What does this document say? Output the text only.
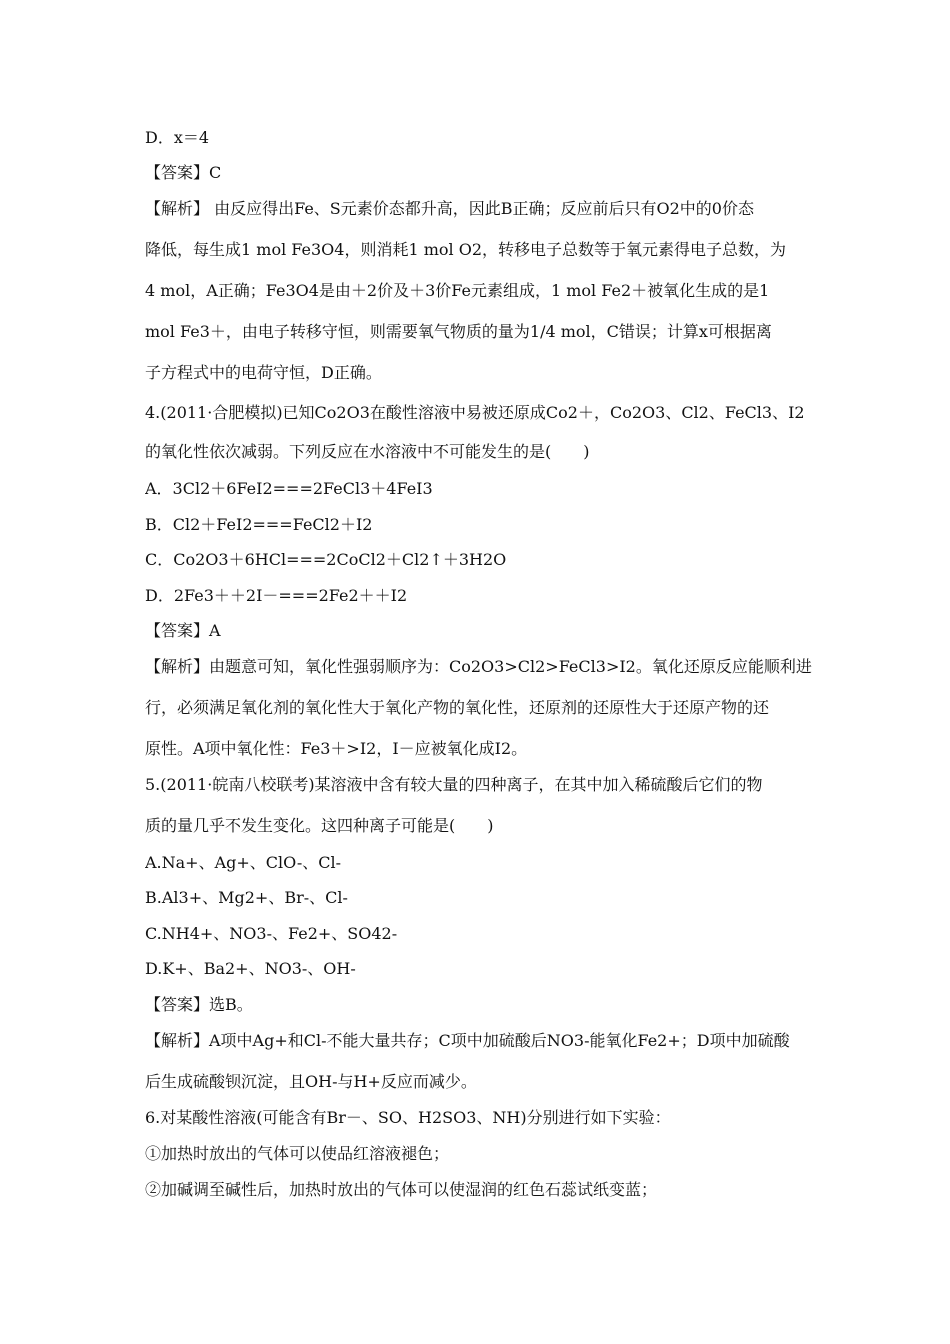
D．x＝4
【答案】C
【解析】 由反应得出Fe、S元素价态都升高，因此B正确；反应前后只有O2中的0价态
降低，每生成1 mol Fe3O4，则消耗1 mol O2，转移电子总数等于氧元素得电子总数，为
4 mol，A正确；Fe3O4是由＋2价及＋3价Fe元素组成，1 mol Fe2＋被氧化生成的是1
mol Fe3＋，由电子转移守恒，则需要氧气物质的量为1/4 mol，C错误；计算x可根据离
子方程式中的电荷守恒，D正确。
4.(2011·合肥模拟)已知Co2O3在酸性溶液中易被还原成Co2＋，Co2O3、Cl2、FeCl3、I2
的氧化性依次减弱。下列反应在水溶液中不可能发生的是(　　)
A．3Cl2＋6FeI2===2FeCl3＋4FeI3
B．Cl2＋FeI2===FeCl2＋I2
C．Co2O3＋6HCl===2CoCl2＋Cl2↑＋3H2O
D．2Fe3＋＋2I－===2Fe2＋＋I2
【答案】A
【解析】由题意可知，氧化性强弱顺序为：Co2O3>Cl2>FeCl3>I2。氧化还原反应能顺利进
行，必须满足氧化剂的氧化性大于氧化产物的氧化性，还原剂的还原性大于还原产物的还
原性。A项中氧化性：Fe3＋>I2，I－应被氧化成I2。
5.(2011·皖南八校联考)某溶液中含有较大量的四种离子，在其中加入稀硫酸后它们的物
质的量几乎不发生变化。这四种离子可能是(　　)
A.Na+、Ag+、ClO-、Cl-
B.Al3+、Mg2+、Br-、Cl-
C.NH4+、NO3-、Fe2+、SO42-
D.K+、Ba2+、NO3-、OH-
【答案】选B。
【解析】A项中Ag+和Cl-不能大量共存；C项中加硫酸后NO3-能氧化Fe2+；D项中加硫酸
后生成硫酸钡沉淀，且OH-与H+反应而减少。
6.对某酸性溶液(可能含有Br－、SO、H2SO3、NH)分别进行如下实验：
①加热时放出的气体可以使品红溶液褪色；
②加碱调至碱性后，加热时放出的气体可以使湿润的红色石蕊试纸变蓝；
